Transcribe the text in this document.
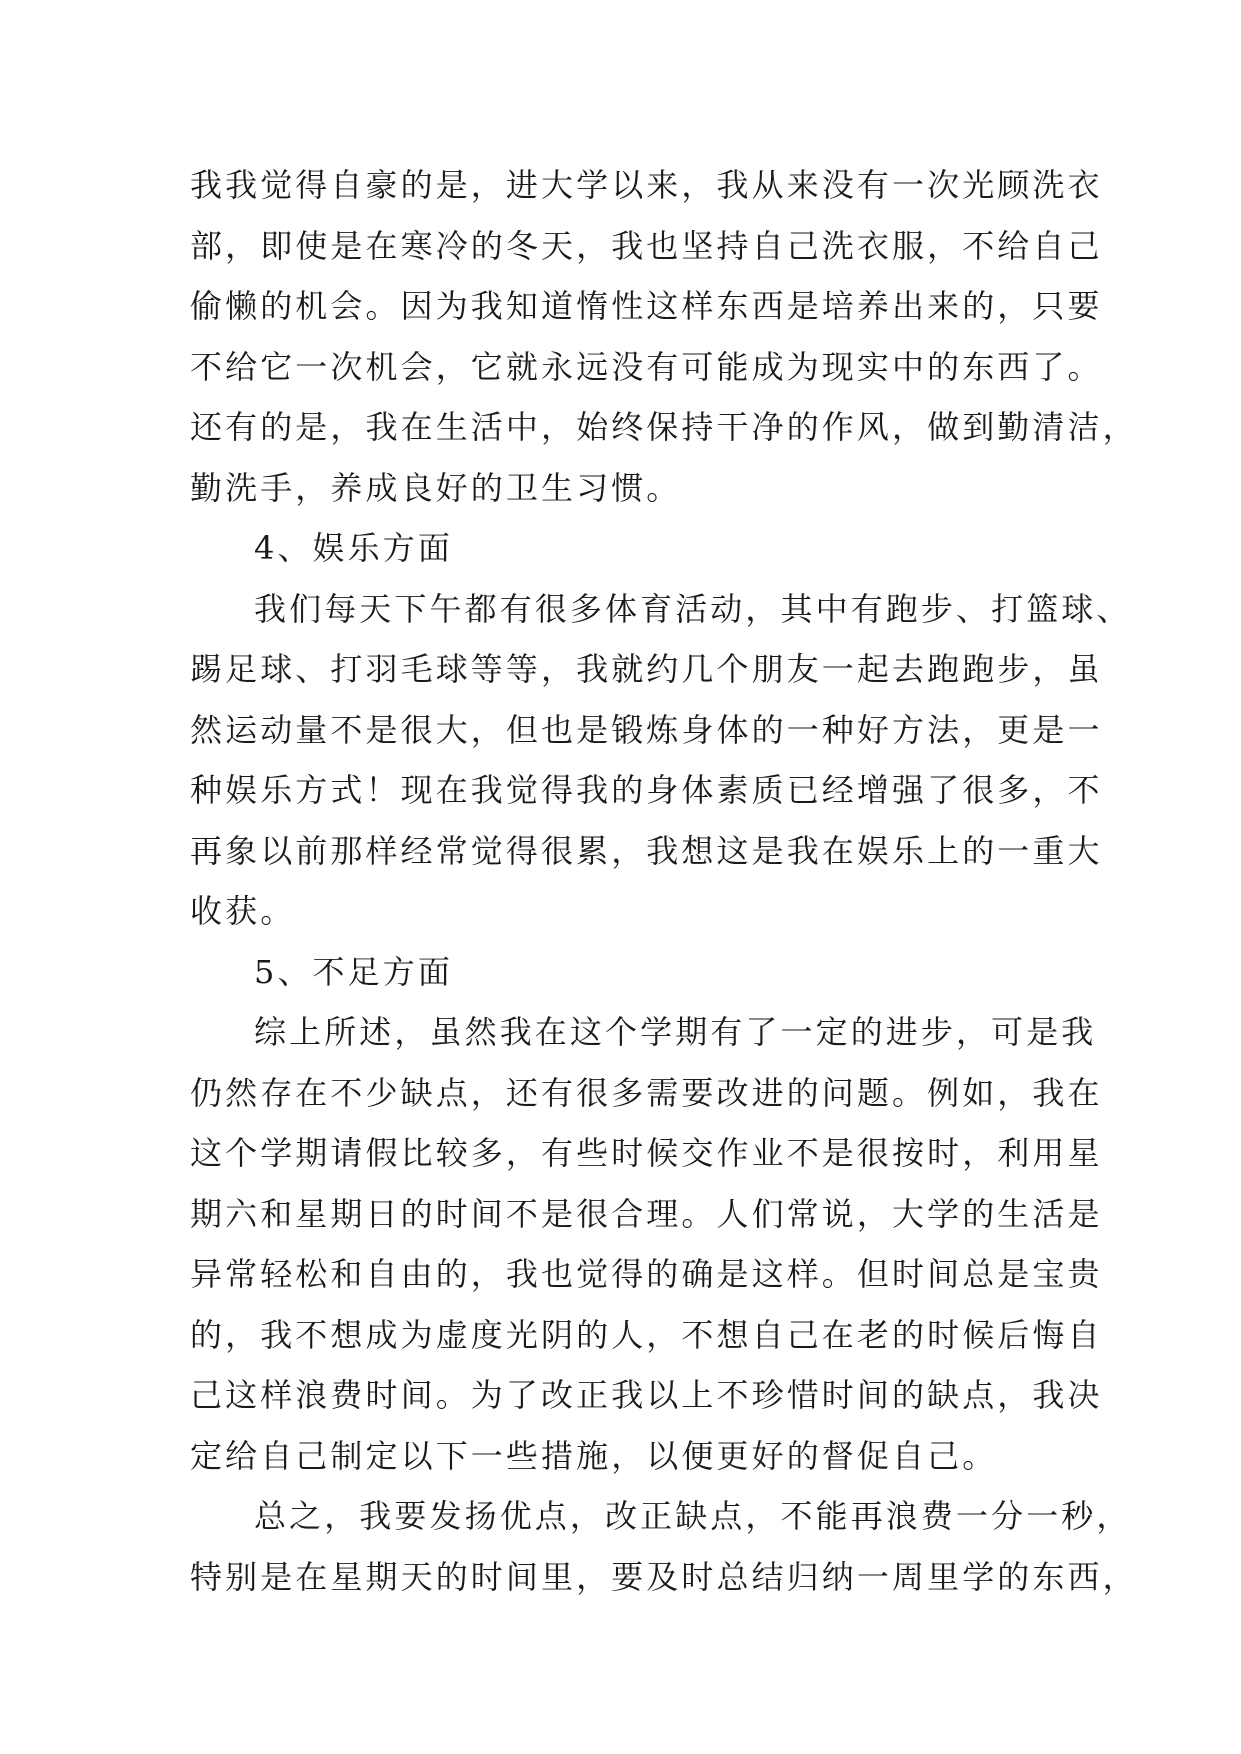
我我觉得自豪的是，进大学以来，我从来没有一次光顾洗衣
部，即使是在寒冷的冬天，我也坚持自己洗衣服，不给自己
偷懒的机会。因为我知道惰性这样东西是培养出来的，只要
不给它一次机会，它就永远没有可能成为现实中的东西了。
还有的是，我在生活中，始终保持干净的作风，做到勤清洁，
勤洗手，养成良好的卫生习惯。
4、娱乐方面
我们每天下午都有很多体育活动，其中有跑步、打篮球、
踢足球、打羽毛球等等，我就约几个朋友一起去跑跑步，虽
然运动量不是很大，但也是锻炼身体的一种好方法，更是一
种娱乐方式！现在我觉得我的身体素质已经增强了很多，不
再象以前那样经常觉得很累，我想这是我在娱乐上的一重大
收获。
5、不足方面
综上所述，虽然我在这个学期有了一定的进步，可是我
仍然存在不少缺点，还有很多需要改进的问题。例如，我在
这个学期请假比较多，有些时候交作业不是很按时，利用星
期六和星期日的时间不是很合理。人们常说，大学的生活是
异常轻松和自由的，我也觉得的确是这样。但时间总是宝贵
的，我不想成为虚度光阴的人，不想自己在老的时候后悔自
己这样浪费时间。为了改正我以上不珍惜时间的缺点，我决
定给自己制定以下一些措施，以便更好的督促自己。
总之，我要发扬优点，改正缺点，不能再浪费一分一秒，
特别是在星期天的时间里，要及时总结归纳一周里学的东西，
